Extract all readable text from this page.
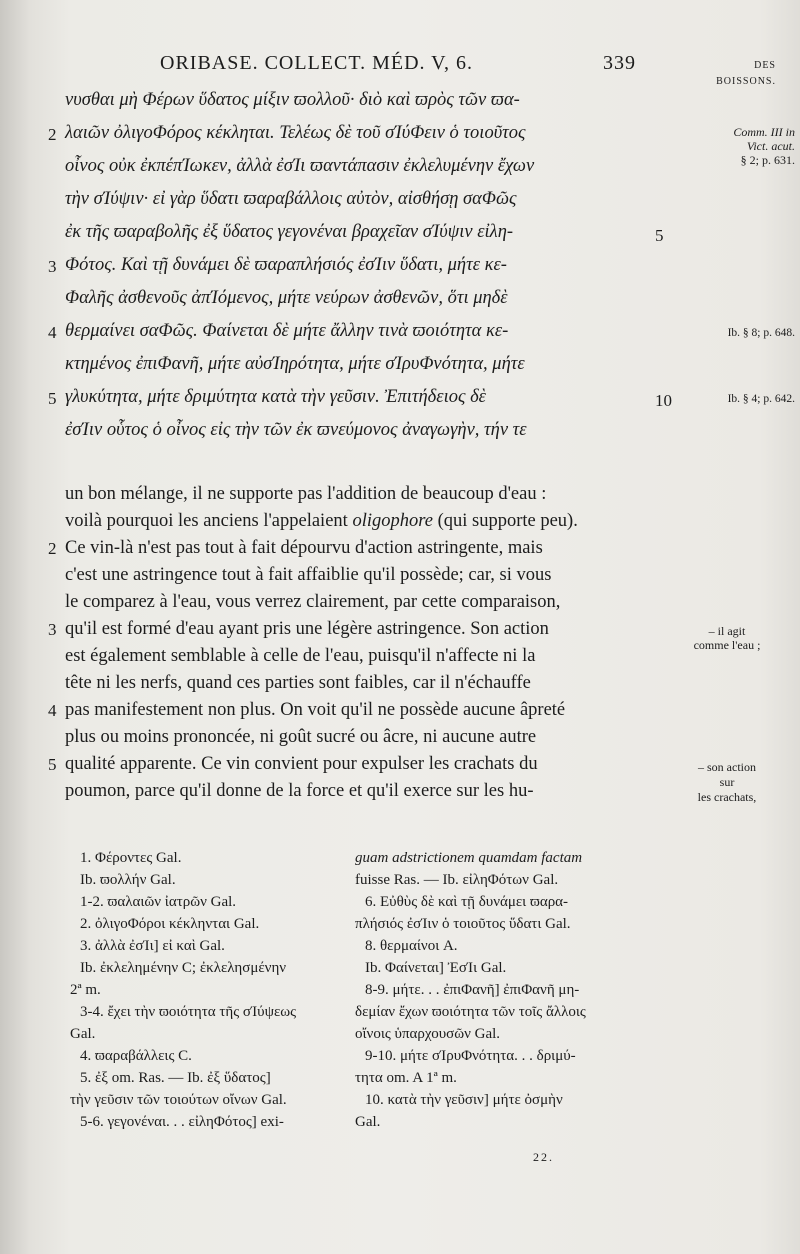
ORIBASE. COLLECT. MÉD. V, 6.	339	DES
BOISSONS.
νυσθαι μὴ Φέρων ὕδατος μίξιν ϖολλοῦ· διὸ καὶ ϖρὸς τῶν ϖα-
λαιῶν ὀλιγοΦόρος κέκληται. Τελέως δὲ τοῦ σΊύΦειν ὁ τοιοῦτος
οἶνος οὐκ ἐκπέπΊωκεν, ἀλλὰ ἐσΊι ϖαντάπασιν ἐκλελυμένην ἔχων
τὴν σΊύψιν· εἰ γὰρ ὕδατι ϖαραβάλλοις αὐτὸν, αἰσθήσῃ σαΦῶς
ἐκ τῆς ϖαραβολῆς ἐξ ὕδατος γεγονέναι βραχεῖαν σΊύψιν εἰλη-
Φότος. Καὶ τῇ δυνάμει δὲ ϖαραπλήσιός ἐσΊιν ὕδατι, μήτε κε-
Φαλῆς ἀσθενοῦς ἀπΊόμενος, μήτε νεύρων ἀσθενῶν, ὅτι μηδὲ
θερμαίνει σαΦῶς. Φαίνεται δὲ μήτε ἄλλην τινὰ ϖοιότητα κε-
κτημένος ἐπιΦανῆ, μήτε αὐσΊηρότητα, μήτε σΊρυΦνότητα, μήτε
γλυκύτητα, μήτε δριμύτητα κατὰ τὴν γεῦσιν. Ἐπιτήδειος δὲ
ἐσΊιν οὗτος ὁ οἶνος εἰς τὴν τῶν ἐκ ϖνεύμονος ἀναγωγὴν, τήν τε
2
3
4
5
5
10
Comm. III in
Vict. acut.
§ 2; p. 631.
Ib. § 8; p. 648.
Ib. § 4; p. 642.
un bon mélange, il ne supporte pas l'addition de beaucoup d'eau :
voilà pourquoi les anciens l'appelaient oligophore (qui supporte peu).
Ce vin-là n'est pas tout à fait dépourvu d'action astringente, mais
c'est une astringence tout à fait affaiblie qu'il possède; car, si vous
le comparez à l'eau, vous verrez clairement, par cette comparaison,
qu'il est formé d'eau ayant pris une légère astringence. Son action
est également semblable à celle de l'eau, puisqu'il n'affecte ni la
tête ni les nerfs, quand ces parties sont faibles, car il n'échauffe
pas manifestement non plus. On voit qu'il ne possède aucune âpreté
plus ou moins prononcée, ni goût sucré ou âcre, ni aucune autre
qualité apparente. Ce vin convient pour expulser les crachats du
poumon, parce qu'il donne de la force et qu'il exerce sur les hu-
2
3
4
5
– il agit
comme l'eau ;
– son action
sur
les crachats,
1. Φέροντες Gal.
Ib. ϖολλήν Gal.
1-2. ϖαλαιῶν ἰατρῶν Gal.
2. ὀλιγοΦόροι κέκληνται Gal.
3. ἀλλὰ ἐσΊι] εἰ καὶ Gal.
Ib. ἐκλελημένην C; ἐκλελησμένην
2ª m.
3-4. ἔχει τὴν ϖοιότητα τῆς σΊύψεως
Gal.
4. ϖαραβάλλεις C.
5. ἐξ om. Ras. — Ib. ἐξ ὕδατος]
τὴν γεῦσιν τῶν τοιούτων οἴνων Gal.
5-6. γεγονέναι. . . εἰληΦότος] exi-
guam adstrictionem quamdam factam
fuisse Ras. — Ib. εἰληΦότων Gal.
6. Εὐθὺς δὲ καὶ τῇ δυνάμει ϖαρα-
πλήσιός ἐσΊιν ὁ τοιοῦτος ὕδατι Gal.
8. θερμαίνοι A.
Ib. Φαίνεται] ἘσΊι Gal.
8-9. μήτε. . . ἐπιΦανῆ] ἐπιΦανῆ μη-
δεμίαν ἔχων ϖοιότητα τῶν τοῖς ἄλλοις
οἴνοις ὑπαρχουσῶν Gal.
9-10. μήτε σΊρυΦνότητα. . . δριμύ-
τητα om. A 1ª m.
10. κατὰ τὴν γεῦσιν] μήτε ὀσμὴν
Gal.
22.
